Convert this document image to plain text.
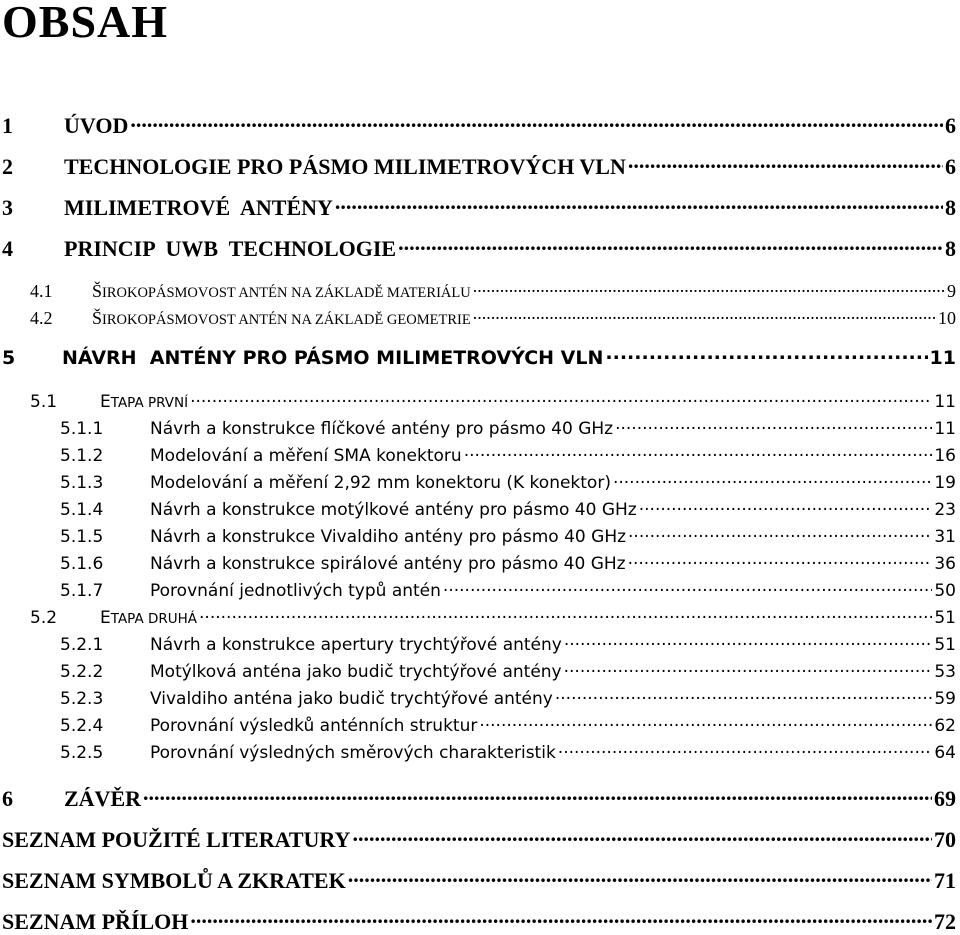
OBSAH
1	ÚVOD .....	6
2	TECHNOLOGIE PRO PÁSMO MILIMETROVÝCH VLN .....	6
3	MILIMETROVÉ  ANTÉNY .....	8
4	PRINCIP  UWB  TECHNOLOGIE .....	8
4.1	ŠIROKOPÁSMOVOST ANTÉN NA ZÁKLADĚ MATERIÁLU .....	9
4.2	ŠIROKOPÁSMOVOST ANTÉN NA ZÁKLADĚ GEOMETRIE .....	10
5	NÁVRH  ANTÉNY PRO PÁSMO MILIMETROVÝCH VLN .....	11
5.1	ETAPA PRVNÍ .....	11
5.1.1	Návrh a konstrukce flíčkové antény pro pásmo 40 GHz .....	11
5.1.2	Modelování a měření SMA konektoru .....	16
5.1.3	Modelování a měření 2,92 mm konektoru (K konektor) .....	19
5.1.4	Návrh a konstrukce motýlkové antény pro pásmo 40 GHz .....	23
5.1.5	Návrh a konstrukce Vivaldiho antény pro pásmo 40 GHz .....	31
5.1.6	Návrh a konstrukce spirálové antény pro pásmo 40 GHz .....	36
5.1.7	Porovnání jednotlivých typů antén .....	50
5.2	ETAPA DRUHÁ .....	51
5.2.1	Návrh a konstrukce apertury trychtýřové antény .....	51
5.2.2	Motýlková anténa jako budič trychtýřové antény .....	53
5.2.3	Vivaldiho anténa jako budič trychtýřové antény .....	59
5.2.4	Porovnání výsledků anténních struktur .....	62
5.2.5	Porovnání výsledných směrových charakteristik .....	64
6	ZÁVĚR .....	69
SEZNAM POUŽITÉ LITERATURY .....	70
SEZNAM SYMBOLŮ A ZKRATEK .....	71
SEZNAM PŘÍLOH .....	72
